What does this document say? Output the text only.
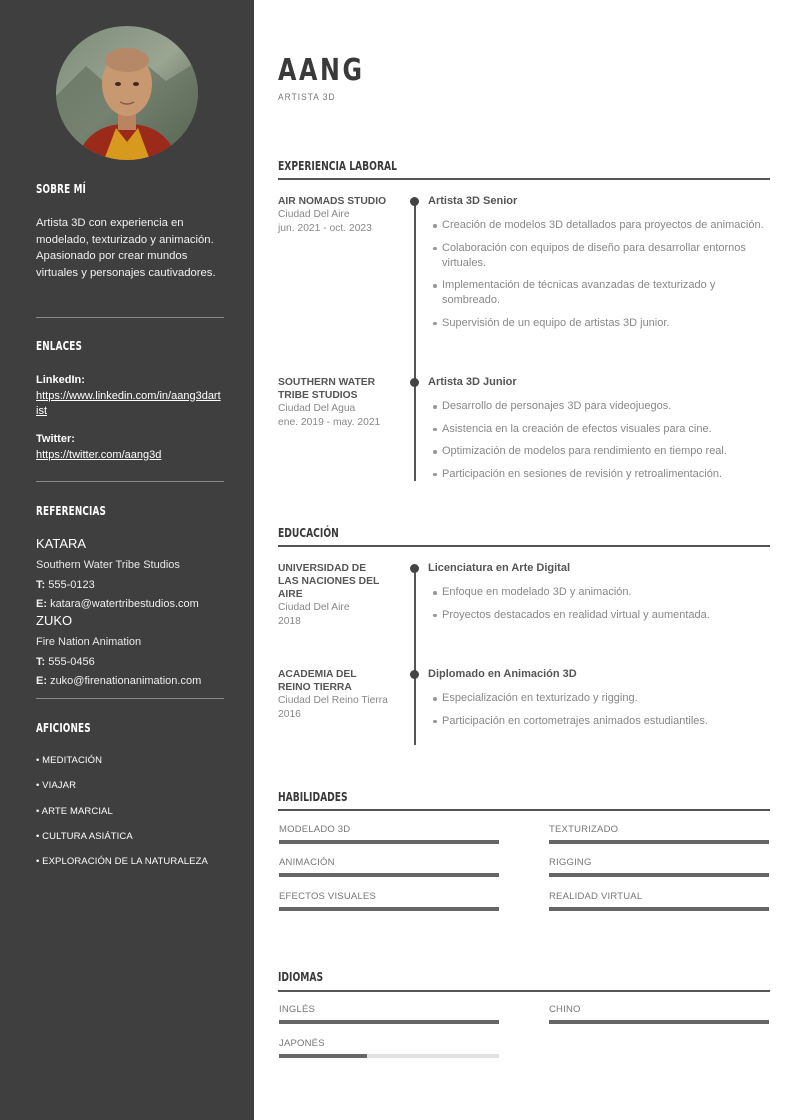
SOBRE MÍ
Artista 3D con experiencia en modelado, texturizado y animación. Apasionado por crear mundos virtuales y personajes cautivadores.
ENLACES
LinkedIn:
https://www.linkedin.com/in/aang3dartist
Twitter:
https://twitter.com/aang3d
REFERENCIAS
KATARA
Southern Water Tribe Studios
T: 555-0123
E: katara@watertribestudios.com
ZUKO
Fire Nation Animation
T: 555-0456
E: zuko@firenationanimation.com
AFICIONES
• MEDITACIÓN
• VIAJAR
• ARTE MARCIAL
• CULTURA ASIÁTICA
• EXPLORACIÓN DE LA NATURALEZA
AANG
ARTISTA 3D
EXPERIENCIA LABORAL
AIR NOMADS STUDIO
Ciudad Del Aire
jun. 2021 - oct. 2023
Artista 3D Senior
Creación de modelos 3D detallados para proyectos de animación.
Colaboración con equipos de diseño para desarrollar entornos virtuales.
Implementación de técnicas avanzadas de texturizado y sombreado.
Supervisión de un equipo de artistas 3D junior.
SOUTHERN WATER TRIBE STUDIOS
Ciudad Del Agua
ene. 2019 - may. 2021
Artista 3D Junior
Desarrollo de personajes 3D para videojuegos.
Asistencia en la creación de efectos visuales para cine.
Optimización de modelos para rendimiento en tiempo real.
Participación en sesiones de revisión y retroalimentación.
EDUCACIÓN
UNIVERSIDAD DE LAS NACIONES DEL AIRE
Ciudad Del Aire
2018
Licenciatura en Arte Digital
Enfoque en modelado 3D y animación.
Proyectos destacados en realidad virtual y aumentada.
ACADEMIA DEL REINO TIERRA
Ciudad Del Reino Tierra
2016
Diplomado en Animación 3D
Especialización en texturizado y rigging.
Participación en cortometrajes animados estudiantiles.
HABILIDADES
MODELADO 3D	TEXTURIZADO
ANIMACIÓN	RIGGING
EFECTOS VISUALES	REALIDAD VIRTUAL
IDIOMAS
INGLÉS	CHINO
JAPONÉS
